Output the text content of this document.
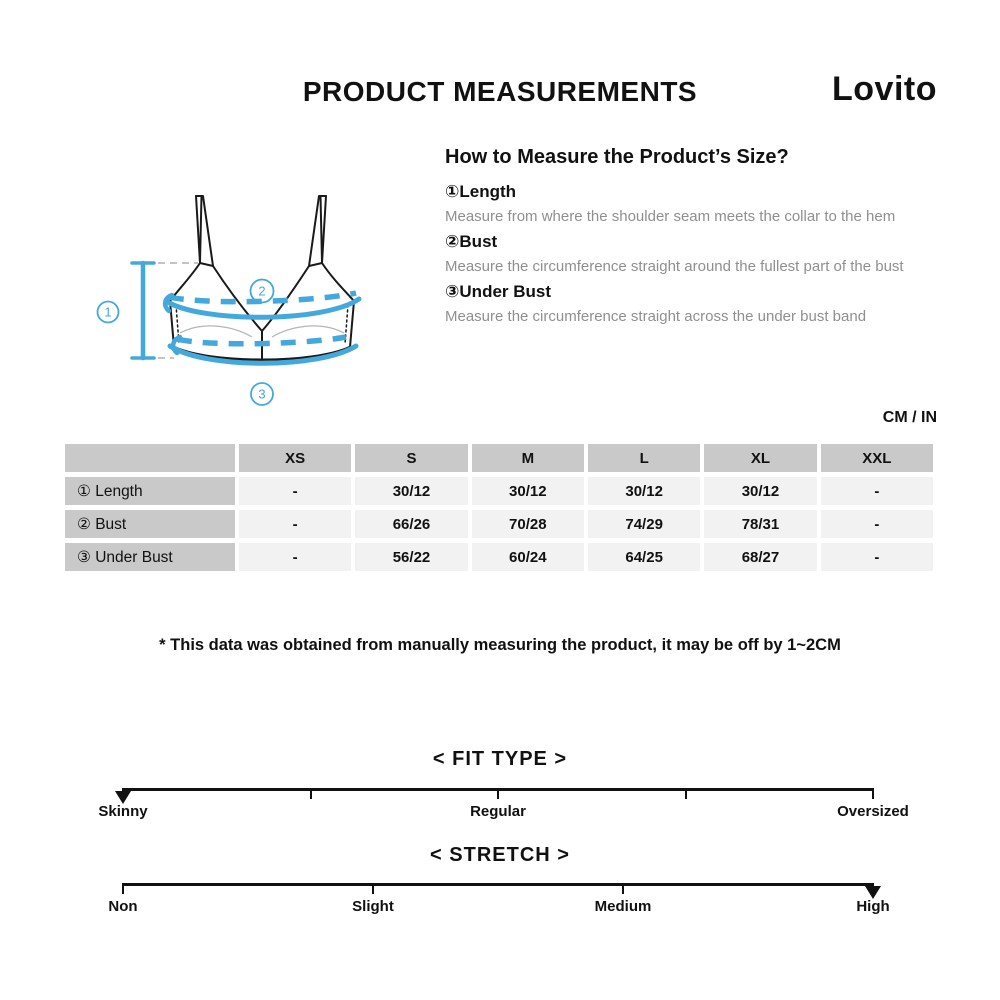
PRODUCT MEASUREMENTS	Lovito
1
2
3
How to Measure the Product’s Size?
①Length
Measure from where the shoulder seam meets the collar to the hem
②Bust
Measure the circumference straight around the fullest part of the bust
③Under Bust
Measure the circumference straight across the under bust band
CM / IN
	XS	S	M	L	XL	XXL
① Length	-	30/12	30/12	30/12	30/12	-
② Bust	-	66/26	70/28	74/29	78/31	-
③ Under Bust	-	56/22	60/24	64/25	68/27	-
* This data was obtained from manually measuring the product, it may be off by 1~2CM
< FIT TYPE >
Skinny	Regular	Oversized
< STRETCH >
Non	Slight	Medium	High
